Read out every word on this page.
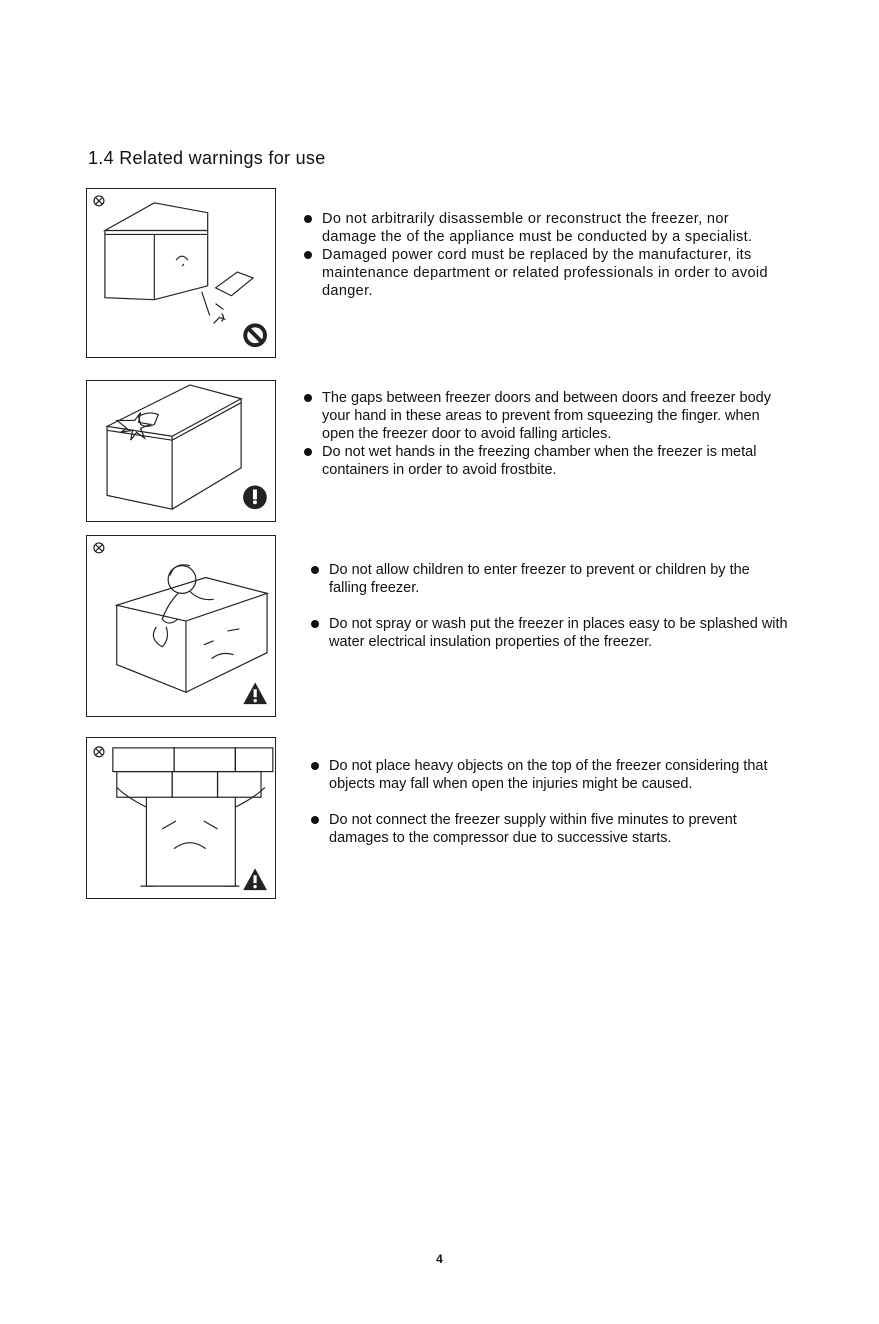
1.4 Related warnings for use
Do not arbitrarily disassemble or reconstruct the freezer, nor damage the of the appliance must be conducted by a specialist.
Damaged power cord must be replaced by the manufacturer, its maintenance department or related professionals in order to avoid danger.
The gaps between freezer doors and between doors and freezer body your hand in these areas to prevent from squeezing the finger. when open the freezer door to avoid falling articles.
Do not wet hands in the freezing chamber when the freezer is metal containers in order to avoid frostbite.
Do not allow children to enter freezer to prevent or children by the falling freezer.
Do not spray or wash put the freezer in places easy to be splashed with water electrical insulation properties of the freezer.
Do not place heavy objects on the top of the freezer considering that objects may fall when open the injuries might be caused.
Do not connect the freezer supply within five minutes to prevent damages to the compressor due to successive starts.
4
